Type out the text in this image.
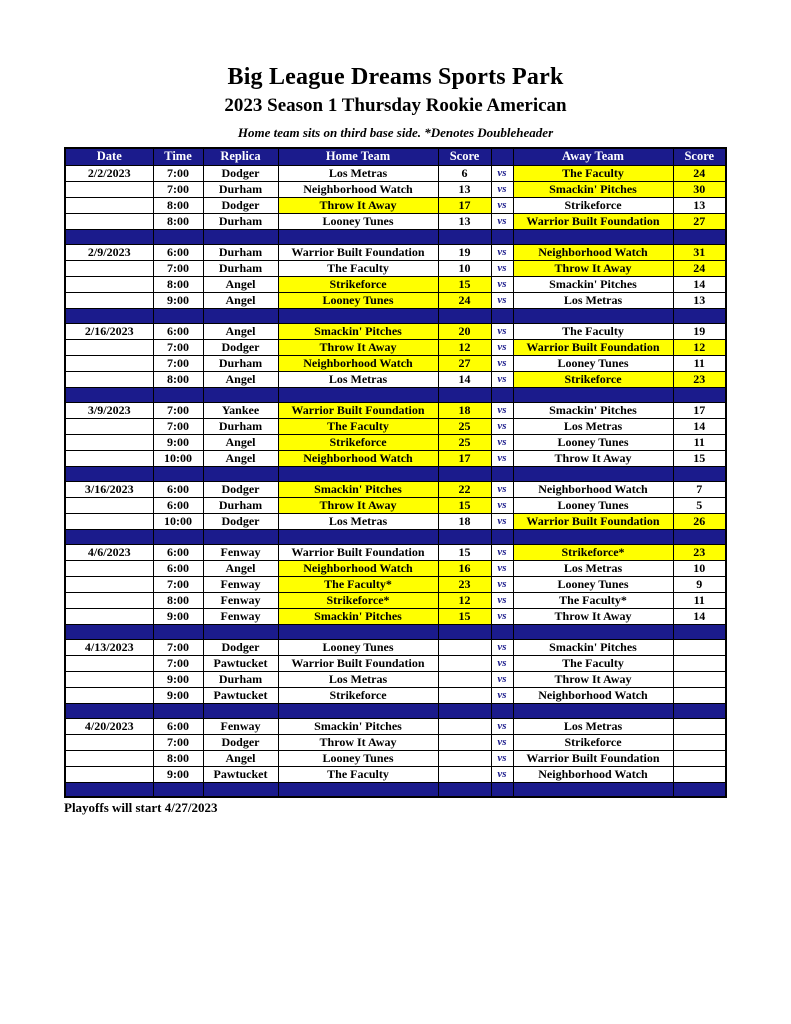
Big League Dreams Sports Park
2023 Season 1 Thursday Rookie American
Home team sits on third base side. *Denotes Doubleheader
Date	Time	Replica	Home Team	Score		Away Team	Score
2/2/2023	7:00	Dodger	Los Metras	6	vs	The Faculty	24
	7:00	Durham	Neighborhood Watch	13	vs	Smackin' Pitches	30
	8:00	Dodger	Throw It Away	17	vs	Strikeforce	13
	8:00	Durham	Looney Tunes	13	vs	Warrior Built Foundation	27

2/9/2023	6:00	Durham	Warrior Built Foundation	19	vs	Neighborhood Watch	31
	7:00	Durham	The Faculty	10	vs	Throw It Away	24
	8:00	Angel	Strikeforce	15	vs	Smackin' Pitches	14
	9:00	Angel	Looney Tunes	24	vs	Los Metras	13

2/16/2023	6:00	Angel	Smackin' Pitches	20	vs	The Faculty	19
	7:00	Dodger	Throw It Away	12	vs	Warrior Built Foundation	12
	7:00	Durham	Neighborhood Watch	27	vs	Looney Tunes	11
	8:00	Angel	Los Metras	14	vs	Strikeforce	23

3/9/2023	7:00	Yankee	Warrior Built Foundation	18	vs	Smackin' Pitches	17
	7:00	Durham	The Faculty	25	vs	Los Metras	14
	9:00	Angel	Strikeforce	25	vs	Looney Tunes	11
	10:00	Angel	Neighborhood Watch	17	vs	Throw It Away	15

3/16/2023	6:00	Dodger	Smackin' Pitches	22	vs	Neighborhood Watch	7
	6:00	Durham	Throw It Away	15	vs	Looney Tunes	5
	10:00	Dodger	Los Metras	18	vs	Warrior Built Foundation	26

4/6/2023	6:00	Fenway	Warrior Built Foundation	15	vs	Strikeforce*	23
	6:00	Angel	Neighborhood Watch	16	vs	Los Metras	10
	7:00	Fenway	The Faculty*	23	vs	Looney Tunes	9
	8:00	Fenway	Strikeforce*	12	vs	The Faculty*	11
	9:00	Fenway	Smackin' Pitches	15	vs	Throw It Away	14

4/13/2023	7:00	Dodger	Looney Tunes		vs	Smackin' Pitches	
	7:00	Pawtucket	Warrior Built Foundation		vs	The Faculty	
	9:00	Durham	Los Metras		vs	Throw It Away	
	9:00	Pawtucket	Strikeforce		vs	Neighborhood Watch	

4/20/2023	6:00	Fenway	Smackin' Pitches		vs	Los Metras	
	7:00	Dodger	Throw It Away		vs	Strikeforce	
	8:00	Angel	Looney Tunes		vs	Warrior Built Foundation	
	9:00	Pawtucket	The Faculty		vs	Neighborhood Watch	

Playoffs will start 4/27/2023
